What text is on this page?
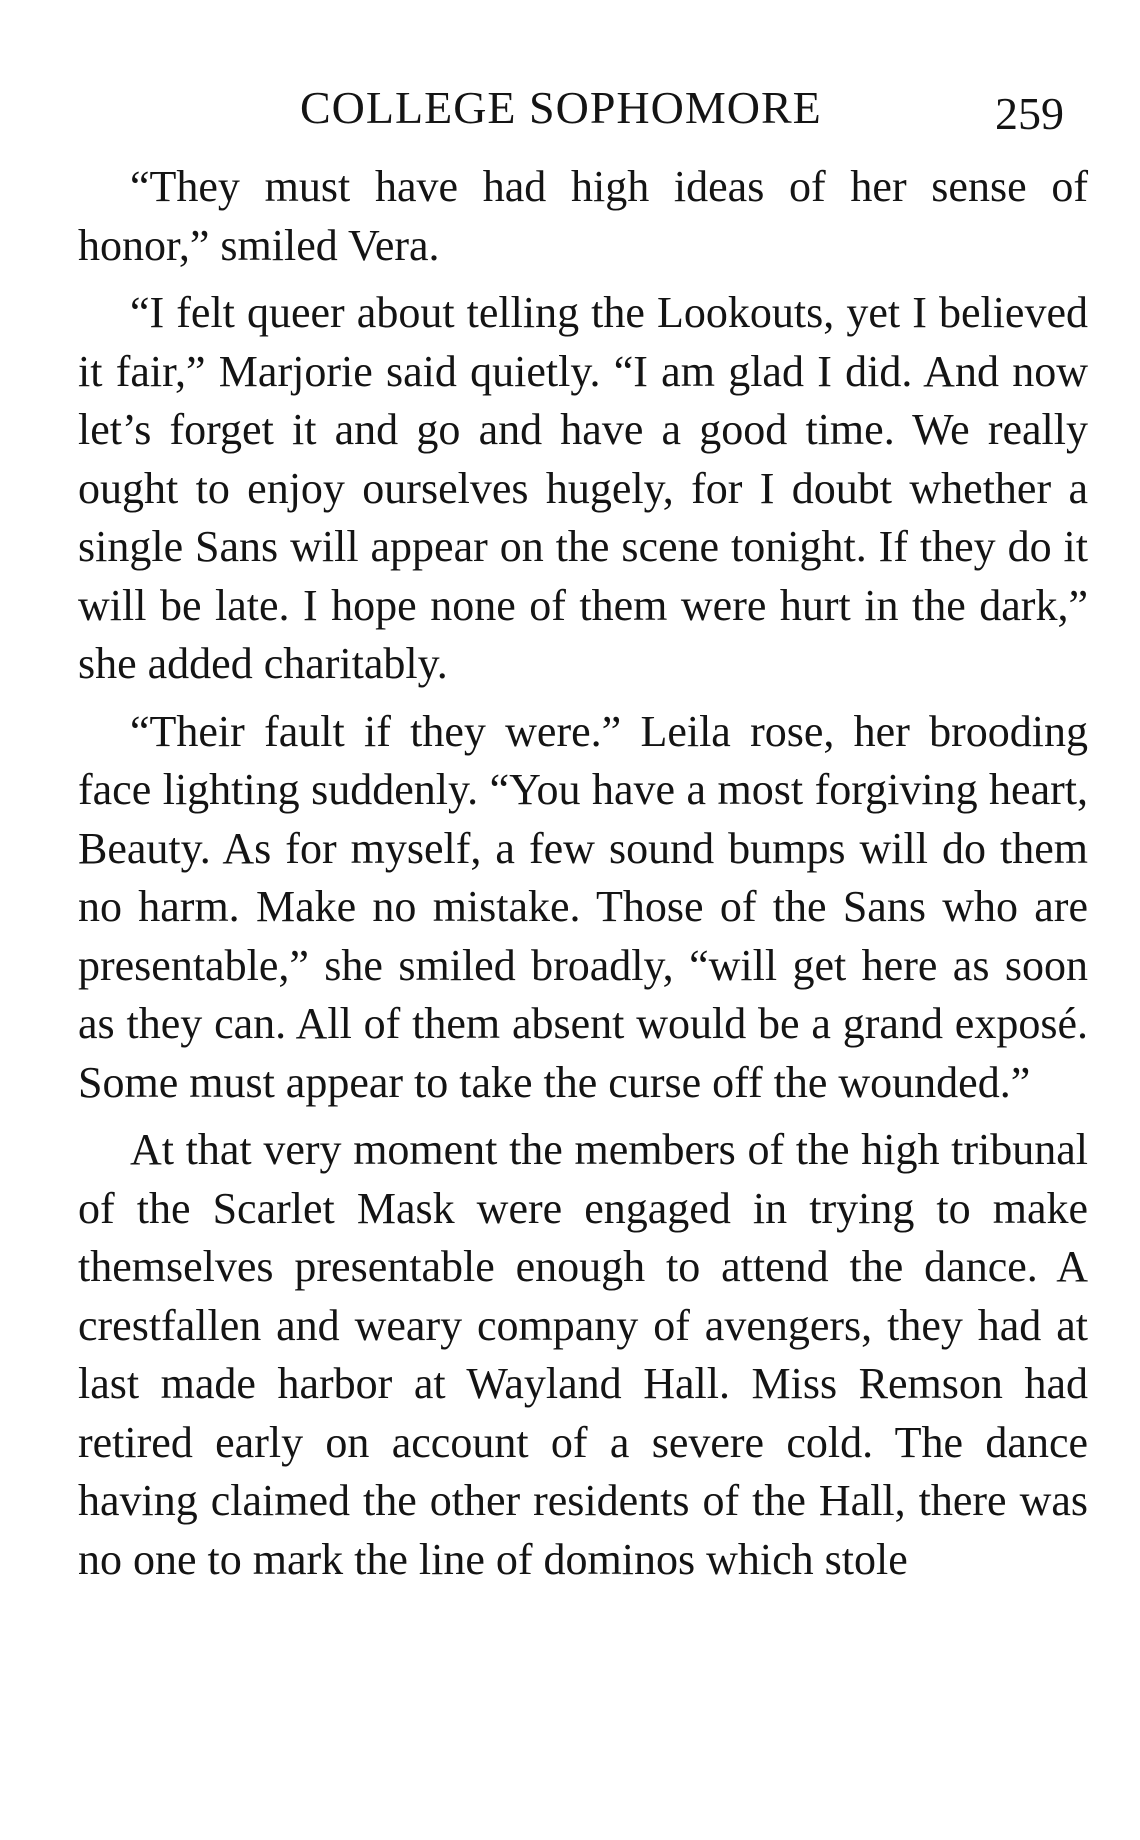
COLLEGE SOPHOMORE	259

“They must have had high ideas of her sense of honor,” smiled Vera.

“I felt queer about telling the Lookouts, yet I believed it fair,” Marjorie said quietly. “I am glad I did. And now let’s forget it and go and have a good time. We really ought to enjoy ourselves hugely, for I doubt whether a single Sans will appear on the scene tonight. If they do it will be late. I hope none of them were hurt in the dark,” she added charitably.

“Their fault if they were.” Leila rose, her brooding face lighting suddenly. “You have a most forgiving heart, Beauty. As for myself, a few sound bumps will do them no harm. Make no mistake. Those of the Sans who are presentable,” she smiled broadly, “will get here as soon as they can. All of them absent would be a grand exposé. Some must appear to take the curse off the wounded.”

At that very moment the members of the high tribunal of the Scarlet Mask were engaged in trying to make themselves presentable enough to attend the dance. A crestfallen and weary company of avengers, they had at last made harbor at Wayland Hall. Miss Remson had retired early on account of a severe cold. The dance having claimed the other residents of the Hall, there was no one to mark the line of dominos which stole
